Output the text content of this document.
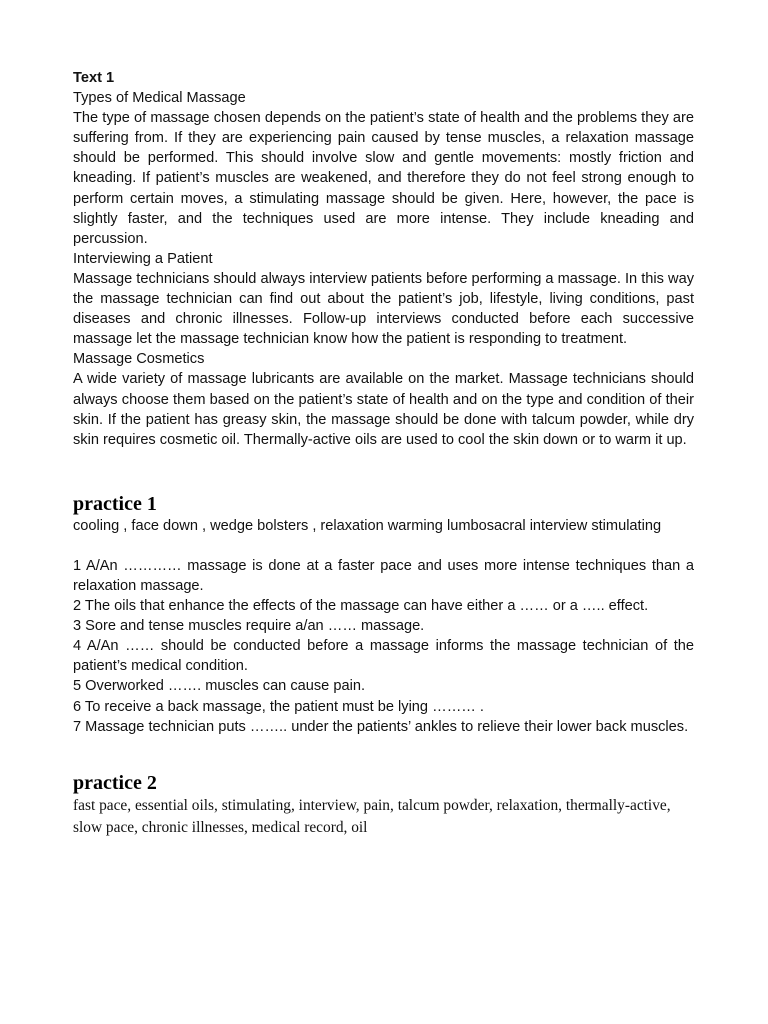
Text 1

Types of Medical Massage

The type of massage chosen depends on the patient’s state of health and the problems they are suffering from. If they are experiencing pain caused by tense muscles, a relaxation massage should be performed. This should involve slow and gentle movements: mostly friction and kneading. If patient’s muscles are weakened, and therefore they do not feel strong enough to perform certain moves, a stimulating massage should be given. Here, however, the pace is slightly faster, and the techniques used are more intense. They include kneading and percussion.

Interviewing a Patient

Massage technicians should always interview patients before performing a massage. In this way the massage technician can find out about the patient’s job, lifestyle, living conditions, past diseases and chronic illnesses. Follow-up interviews conducted before each successive massage let the massage technician know how the patient is responding to treatment.

Massage Cosmetics

A wide variety of massage lubricants are available on the market. Massage technicians should always choose them based on the patient’s state of health and on the type and condition of their skin. If the patient has greasy skin, the massage should be done with talcum powder, while dry skin requires cosmetic oil. Thermally-active oils are used to cool the skin down or to warm it up.

practice 1

cooling , face down , wedge bolsters , relaxation warming lumbosacral interview stimulating

1 A/An ………… massage is done at a faster pace and uses more intense techniques than a relaxation massage.
2 The oils that enhance the effects of the massage can have either a …… or a ….. effect.
3 Sore and tense muscles require a/an …… massage.
4 A/An …… should be conducted before a massage informs the massage technician of the patient’s medical condition.
5 Overworked ……. muscles can cause pain.
6 To receive a back massage, the patient must be lying ……… .
7 Massage technician puts …….. under the patients’ ankles to relieve their lower back muscles.

practice 2

fast pace, essential oils, stimulating, interview, pain, talcum powder, relaxation, thermally-active, slow pace, chronic illnesses, medical record, oil
